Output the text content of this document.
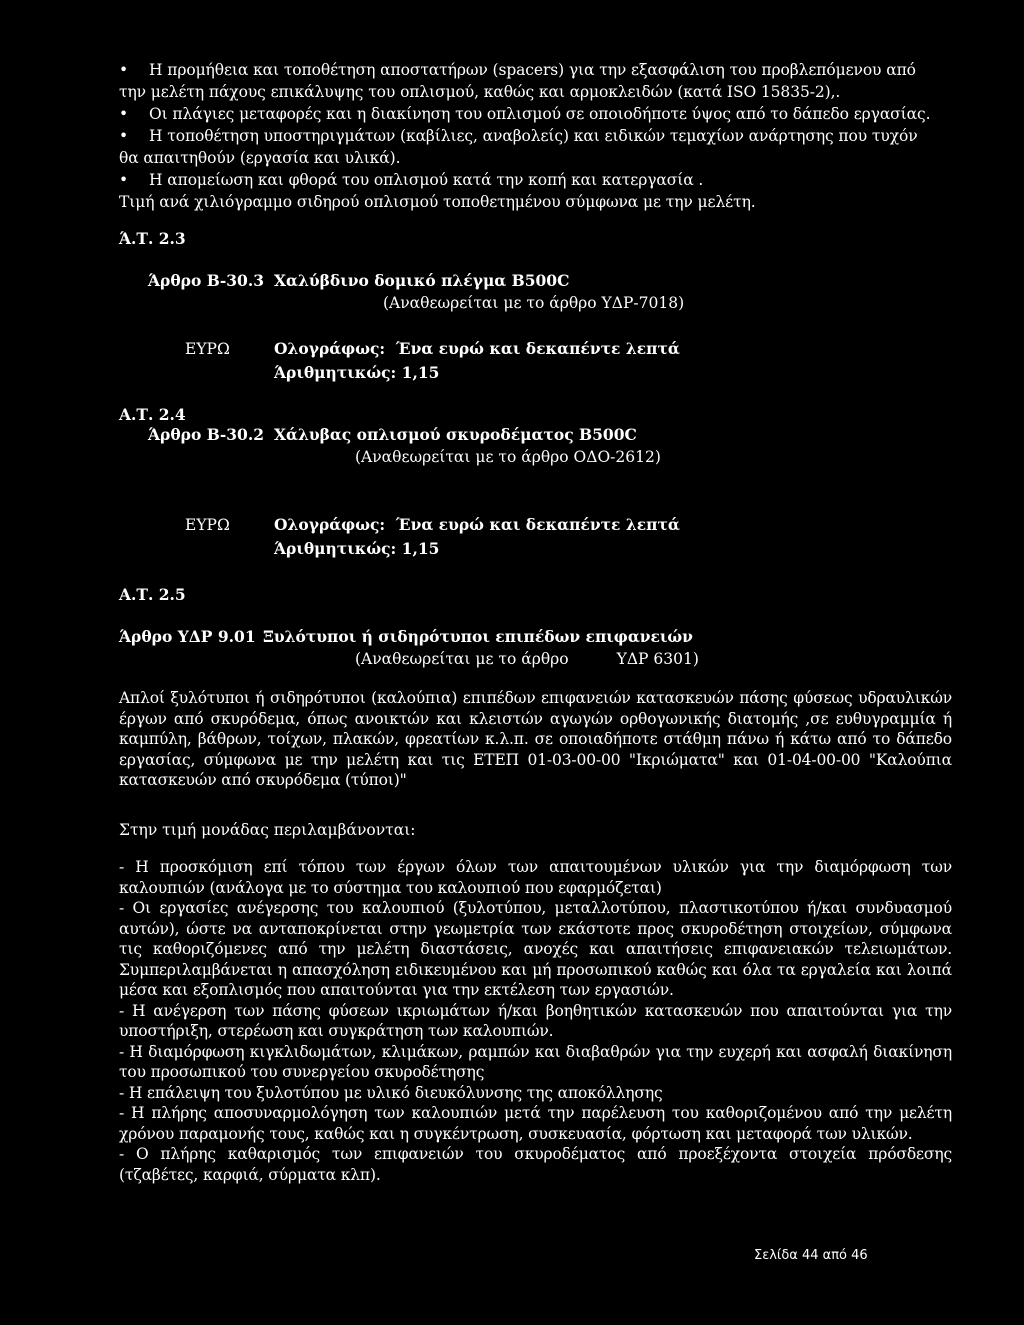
• Η προμήθεια και τοποθέτηση αποστατήρων (spacers) για την εξασφάλιση του προβλεπόμενου από
την μελέτη πάχους επικάλυψης του οπλισμού, καθώς και αρμοκλειδών (κατά ISO 15835-2),.
• Οι πλάγιες μεταφορές και η διακίνηση του οπλισμού σε οποιοδήποτε ύψος από το δάπεδο εργασίας.
• Η τοποθέτηση υποστηριγμάτων (καβίλιες, αναβολείς) και ειδικών τεμαχίων ανάρτησης που τυχόν
θα απαιτηθούν (εργασία και υλικά).
• Η απομείωση και φθορά του οπλισμού κατά την κοπή και κατεργασία .
Τιμή ανά χιλιόγραμμο σιδηρού οπλισμού τοποθετημένου σύμφωνα με την μελέτη.
Ά.Τ. 2.3
Άρθρο Β-30.3 Χαλύβδινο δομικό πλέγμα Β500C
(Αναθεωρείται με το άρθρο ΥΔΡ-7018)
ΕΥΡΩ	Ολογράφως: Ένα ευρώ και δεκαπέντε λεπτά
Άριθμητικώς: 1,15
Α.Τ. 2.4
Άρθρο Β-30.2 Χάλυβας οπλισμού σκυροδέματος Β500C
(Αναθεωρείται με το άρθρο ΟΔΟ-2612)
ΕΥΡΩ	Ολογράφως: Ένα ευρώ και δεκαπέντε λεπτά
Άριθμητικώς: 1,15
Α.Τ. 2.5
Άρθρο ΥΔΡ 9.01 Ξυλότυποι ή σιδηρότυποι επιπέδων επιφανειών
(Αναθεωρείται με το άρθρο	ΥΔΡ 6301)

Απλοί ξυλότυποι ή σιδηρότυποι (καλούπια) επιπέδων επιφανειών κατασκευών πάσης φύσεως υδραυλικών έργων από σκυρόδεμα, όπως ανοικτών και κλειστών αγωγών ορθογωνικής διατομής ,σε ευθυγραμμία ή καμπύλη, βάθρων, τοίχων, πλακών, φρεατίων κ.λ.π. σε οποιαδήποτε στάθμη πάνω ή κάτω από το δάπεδο εργασίας, σύμφωνα με την μελέτη και τις ΕΤΕΠ 01-03-00-00 "Ικριώματα" και 01-04-00-00 "Καλούπια κατασκευών από σκυρόδεμα (τύποι)"

Στην τιμή μονάδας περιλαμβάνονται:

- Η προσκόμιση επί τόπου των έργων όλων των απαιτουμένων υλικών για την διαμόρφωση των καλουπιών (ανάλογα με το σύστημα του καλουπιού που εφαρμόζεται)

- Οι εργασίες ανέγερσης του καλουπιού (ξυλοτύπου, μεταλλοτύπου, πλαστικοτύπου ή/και συνδυασμού αυτών), ώστε να ανταποκρίνεται στην γεωμετρία των εκάστοτε προς σκυροδέτηση στοιχείων, σύμφωνα τις καθοριζόμενες από την μελέτη διαστάσεις, ανοχές και απαιτήσεις επιφανειακών τελειωμάτων. Συμπεριλαμβάνεται η απασχόληση ειδικευμένου και μή προσωπικού καθώς και όλα τα εργαλεία και λοιπά μέσα και εξοπλισμός που απαιτούνται για την εκτέλεση των εργασιών.

- Η ανέγερση των πάσης φύσεων ικριωμάτων ή/και βοηθητικών κατασκευών που απαιτούνται για την υποστήριξη, στερέωση και συγκράτηση των καλουπιών.

- Η διαμόρφωση κιγκλιδωμάτων, κλιμάκων, ραμπών και διαβαθρών για την ευχερή και ασφαλή διακίνηση του προσωπικού του συνεργείου σκυροδέτησης

- Η επάλειψη του ξυλοτύπου με υλικό διευκόλυνσης της αποκόλλησης

- Η πλήρης αποσυναρμολόγηση των καλουπιών μετά την παρέλευση του καθοριζομένου από την μελέτη χρόνου παραμονής τους, καθώς και η συγκέντρωση, συσκευασία, φόρτωση και μεταφορά των υλικών.

- Ο πλήρης καθαρισμός των επιφανειών του σκυροδέματος από προεξέχοντα στοιχεία πρόσδεσης (τζαβέτες, καρφιά, σύρματα κλπ).

Σελίδα 44 από 46
